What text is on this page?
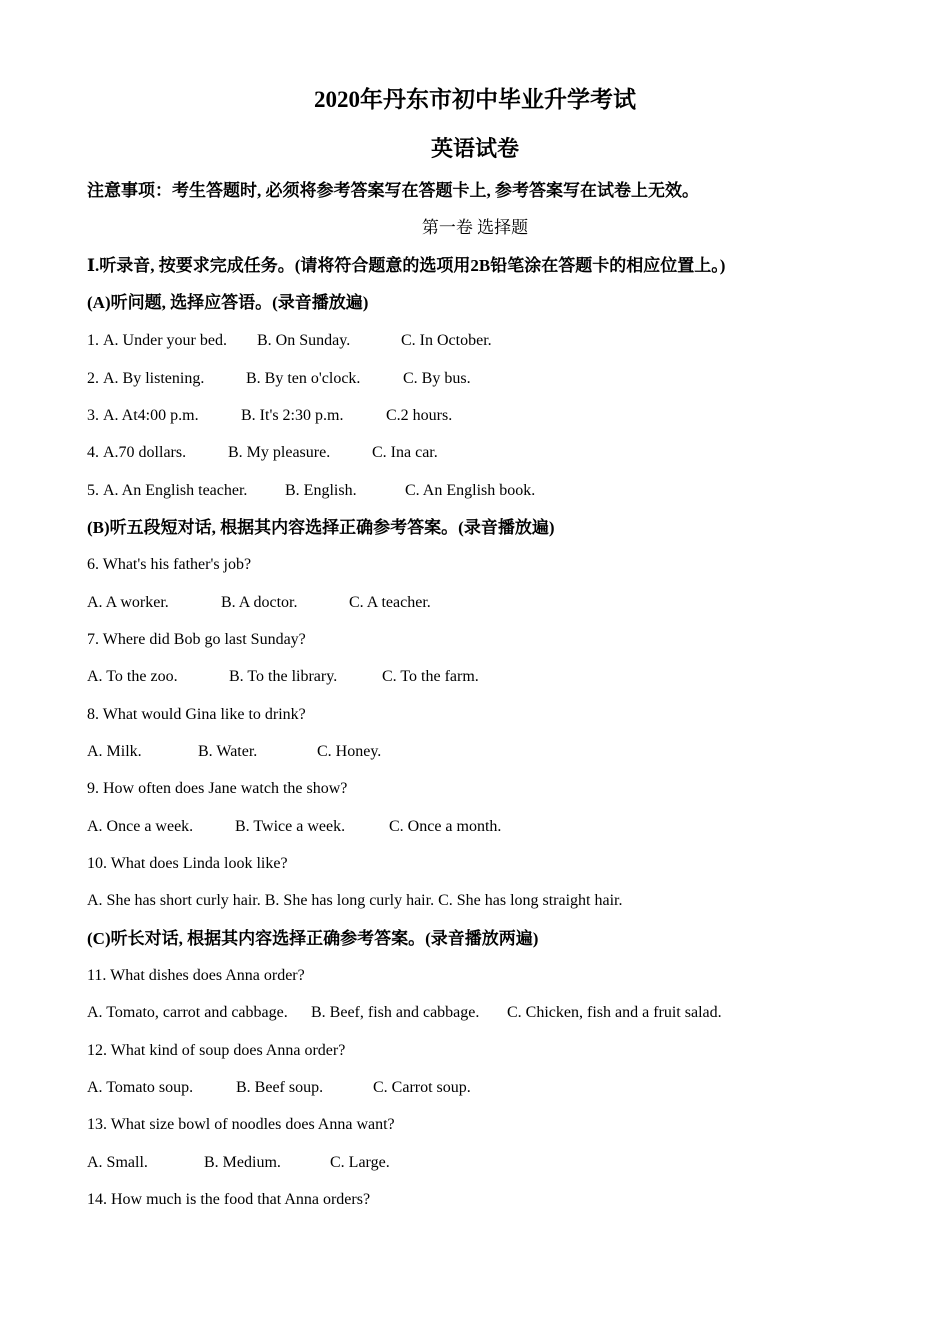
2020年丹东市初中毕业升学考试
英语试卷
注意事项：考生答题时, 必须将参考答案写在答题卡上, 参考答案写在试卷上无效。
第一卷 选择题
Ⅰ.听录音, 按要求完成任务。(请将符合题意的选项用2B铅笔涂在答题卡的相应位置上。)
(A)听问题, 选择应答语。(录音播放遍)
1. A. Under your bed. B. On Sunday.	C. In October.
2. A. By listening.	B. By ten o'clock.	C. By bus.
3. A. At4:00 p.m.	B. It's 2:30 p.m.	C.2 hours.
4. A.70 dollars.	B. My pleasure.	C. Ina car.
5. A. An English teacher. B. English.	C. An English book.
(B)听五段短对话, 根据其内容选择正确参考答案。(录音播放遍)
6. What's his father's job?
A. A worker.	B. A doctor.	C. A teacher.
7. Where did Bob go last Sunday?
A. To the zoo.	B. To the library.	C. To the farm.
8. What would Gina like to drink?
A. Milk.	B. Water.	C. Honey.
9. How often does Jane watch the show?
A. Once a week.	B. Twice a week.	C. Once a month.
10. What does Linda look like?
A. She has short curly hair. B. She has long curly hair. C. She has long straight hair.
(C)听长对话, 根据其内容选择正确参考答案。(录音播放两遍)
11. What dishes does Anna order?
A. Tomato, carrot and cabbage. B. Beef, fish and cabbage. C. Chicken, fish and a fruit salad.
12. What kind of soup does Anna order?
A. Tomato soup.	B. Beef soup.	C. Carrot soup.
13. What size bowl of noodles does Anna want?
A. Small.	B. Medium.	C. Large.
14. How much is the food that Anna orders?
